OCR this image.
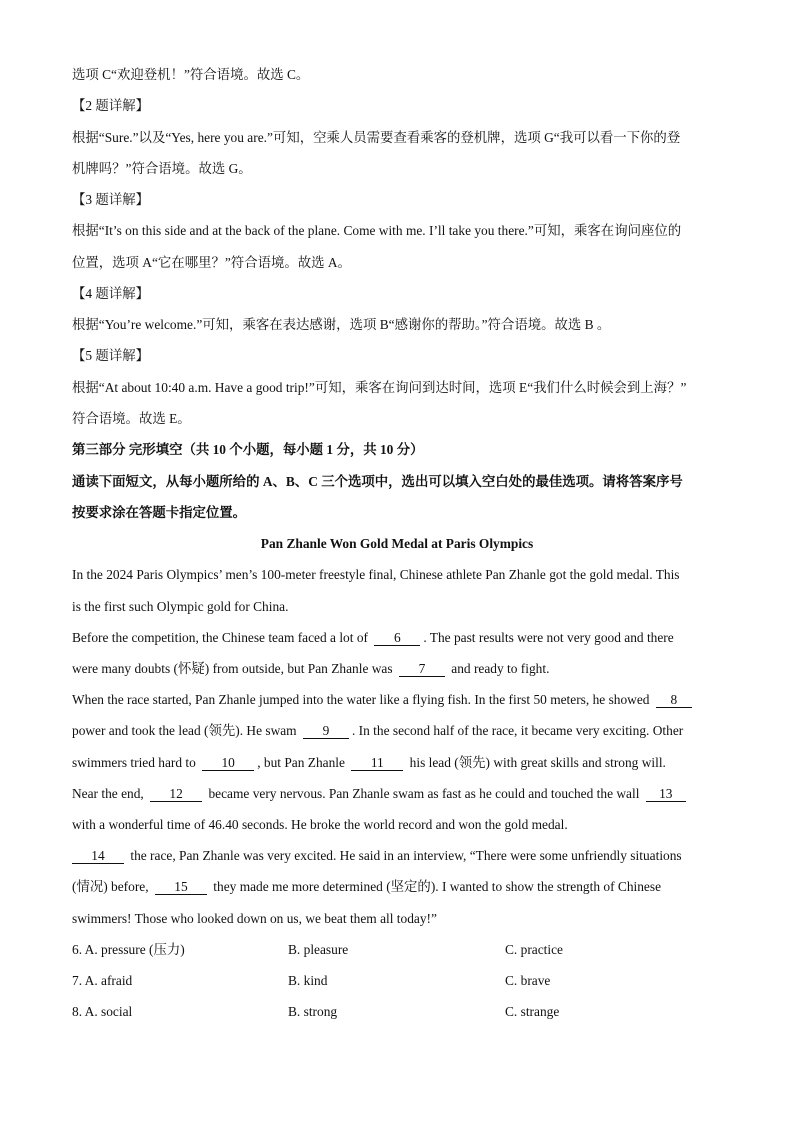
选项 C“欢迎登机！”符合语境。故选 C。
【2 题详解】
根据“Sure.”以及“Yes, here you are.”可知，空乘人员需要查看乘客的登机牌，选项 G“我可以看一下你的登
机牌吗？”符合语境。故选 G。
【3 题详解】
根据“It’s on this side and at the back of the plane. Come with me. I’ll take you there.”可知，乘客在询问座位的
位置，选项 A“它在哪里？”符合语境。故选 A。
【4 题详解】
根据“You’re welcome.”可知，乘客在表达感谢，选项 B“感谢你的帮助。”符合语境。故选 B 。
【5 题详解】
根据“At about 10:40 a.m. Have a good trip!”可知，乘客在询问到达时间，选项 E“我们什么时候会到上海？”
符合语境。故选 E。
第三部分 完形填空（共 10 个小题，每小题 1 分，共 10 分）
通读下面短文，从每小题所给的 A、B、C 三个选项中，选出可以填入空白处的最佳选项。请将答案序号
按要求涂在答题卡指定位置。
Pan Zhanle Won Gold Medal at Paris Olympics
In the 2024 Paris Olympics’ men’s 100-meter freestyle final, Chinese athlete Pan Zhanle got the gold medal. This
is the first such Olympic gold for China.
Before the competition, the Chinese team faced a lot of 6 . The past results were not very good and there
were many doubts (怀疑) from outside, but Pan Zhanle was 7 and ready to fight.
When the race started, Pan Zhanle jumped into the water like a flying fish. In the first 50 meters, he showed 8
power and took the lead (领先). He swam 9 . In the second half of the race, it became very exciting. Other
swimmers tried hard to 10 , but Pan Zhanle 11 his lead (领先) with great skills and strong will.
Near the end, 12 became very nervous. Pan Zhanle swam as fast as he could and touched the wall 13
with a wonderful time of 46.40 seconds. He broke the world record and won the gold medal.
14 the race, Pan Zhanle was very excited. He said in an interview, “There were some unfriendly situations
(情况) before, 15 they made me more determined (坚定的). I wanted to show the strength of Chinese
swimmers! Those who looked down on us, we beat them all today!”
6. A. pressure (压力)	B. pleasure	C. practice
7. A. afraid	B. kind	C. brave
8. A. social	B. strong	C. strange
